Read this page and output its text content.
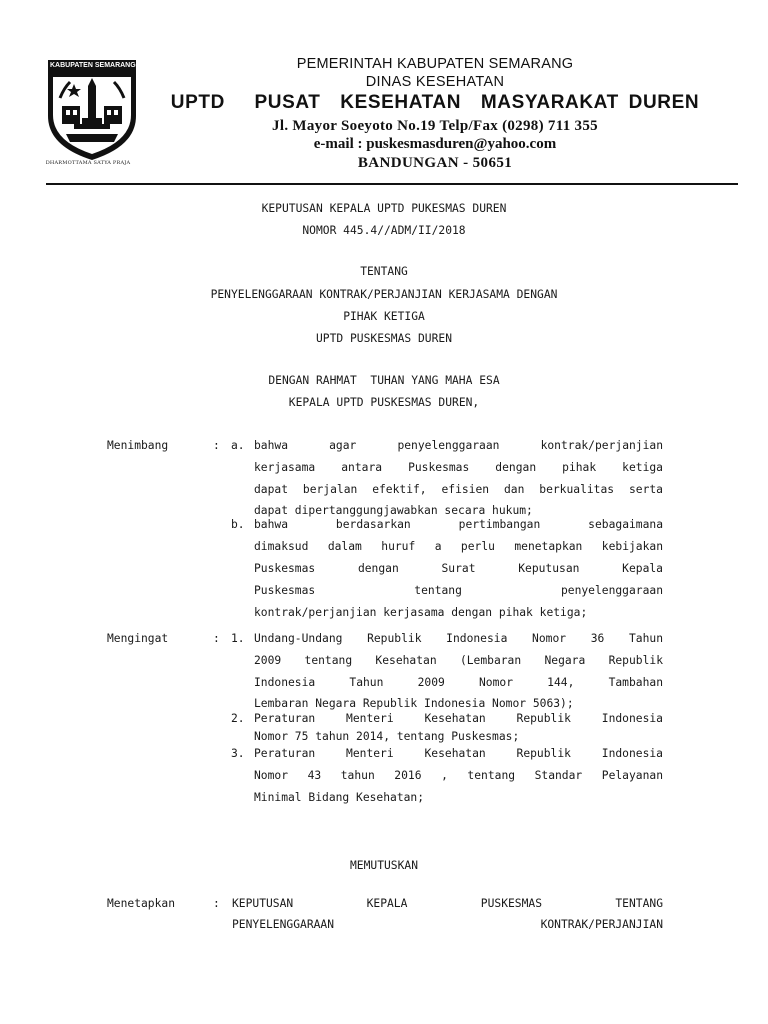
KABUPATEN SEMARANG
DHARMOTTAMA SATYA PRAJA
PEMERINTAH KABUPATEN SEMARANG
DINAS KESEHATAN
UPTD   PUSAT  KESEHATAN  MASYARAKAT DUREN
Jl. Mayor Soeyoto No.19 Telp/Fax (0298) 711 355
e-mail : puskesmasduren@yahoo.com
BANDUNGAN - 50651
KEPUTUSAN KEPALA UPTD PUKESMAS DUREN
NOMOR 445.4//ADM/II/2018
TENTANG
PENYELENGGARAAN KONTRAK/PERJANJIAN KERJASAMA DENGAN
PIHAK KETIGA
UPTD PUSKESMAS DUREN
DENGAN RAHMAT  TUHAN YANG MAHA ESA
KEPALA UPTD PUSKESMAS DUREN,
Menimbang	: a. bahwa agar penyelenggaraan kontrak/perjanjian
kerjasama antara Puskesmas dengan pihak ketiga
dapat berjalan efektif, efisien dan berkualitas serta
dapat dipertanggungjawabkan secara hukum;
b. bahwa berdasarkan pertimbangan sebagaimana
dimaksud dalam huruf a perlu menetapkan kebijakan
Puskesmas dengan Surat Keputusan Kepala
Puskesmas tentang penyelenggaraan
kontrak/perjanjian kerjasama dengan pihak ketiga;
Mengingat	: 1. Undang-Undang Republik Indonesia Nomor 36 Tahun
2009 tentang Kesehatan (Lembaran Negara Republik
Indonesia Tahun 2009 Nomor 144, Tambahan
Lembaran Negara Republik Indonesia Nomor 5063);
2. Peraturan Menteri Kesehatan Republik Indonesia
Nomor 75 tahun 2014, tentang Puskesmas;
3. Peraturan Menteri Kesehatan Republik Indonesia
Nomor 43 tahun 2016 , tentang Standar Pelayanan
Minimal Bidang Kesehatan;
MEMUTUSKAN
Menetapkan	: KEPUTUSAN KEPALA PUSKESMAS TENTANG
PENYELENGGARAAN KONTRAK/PERJANJIAN
